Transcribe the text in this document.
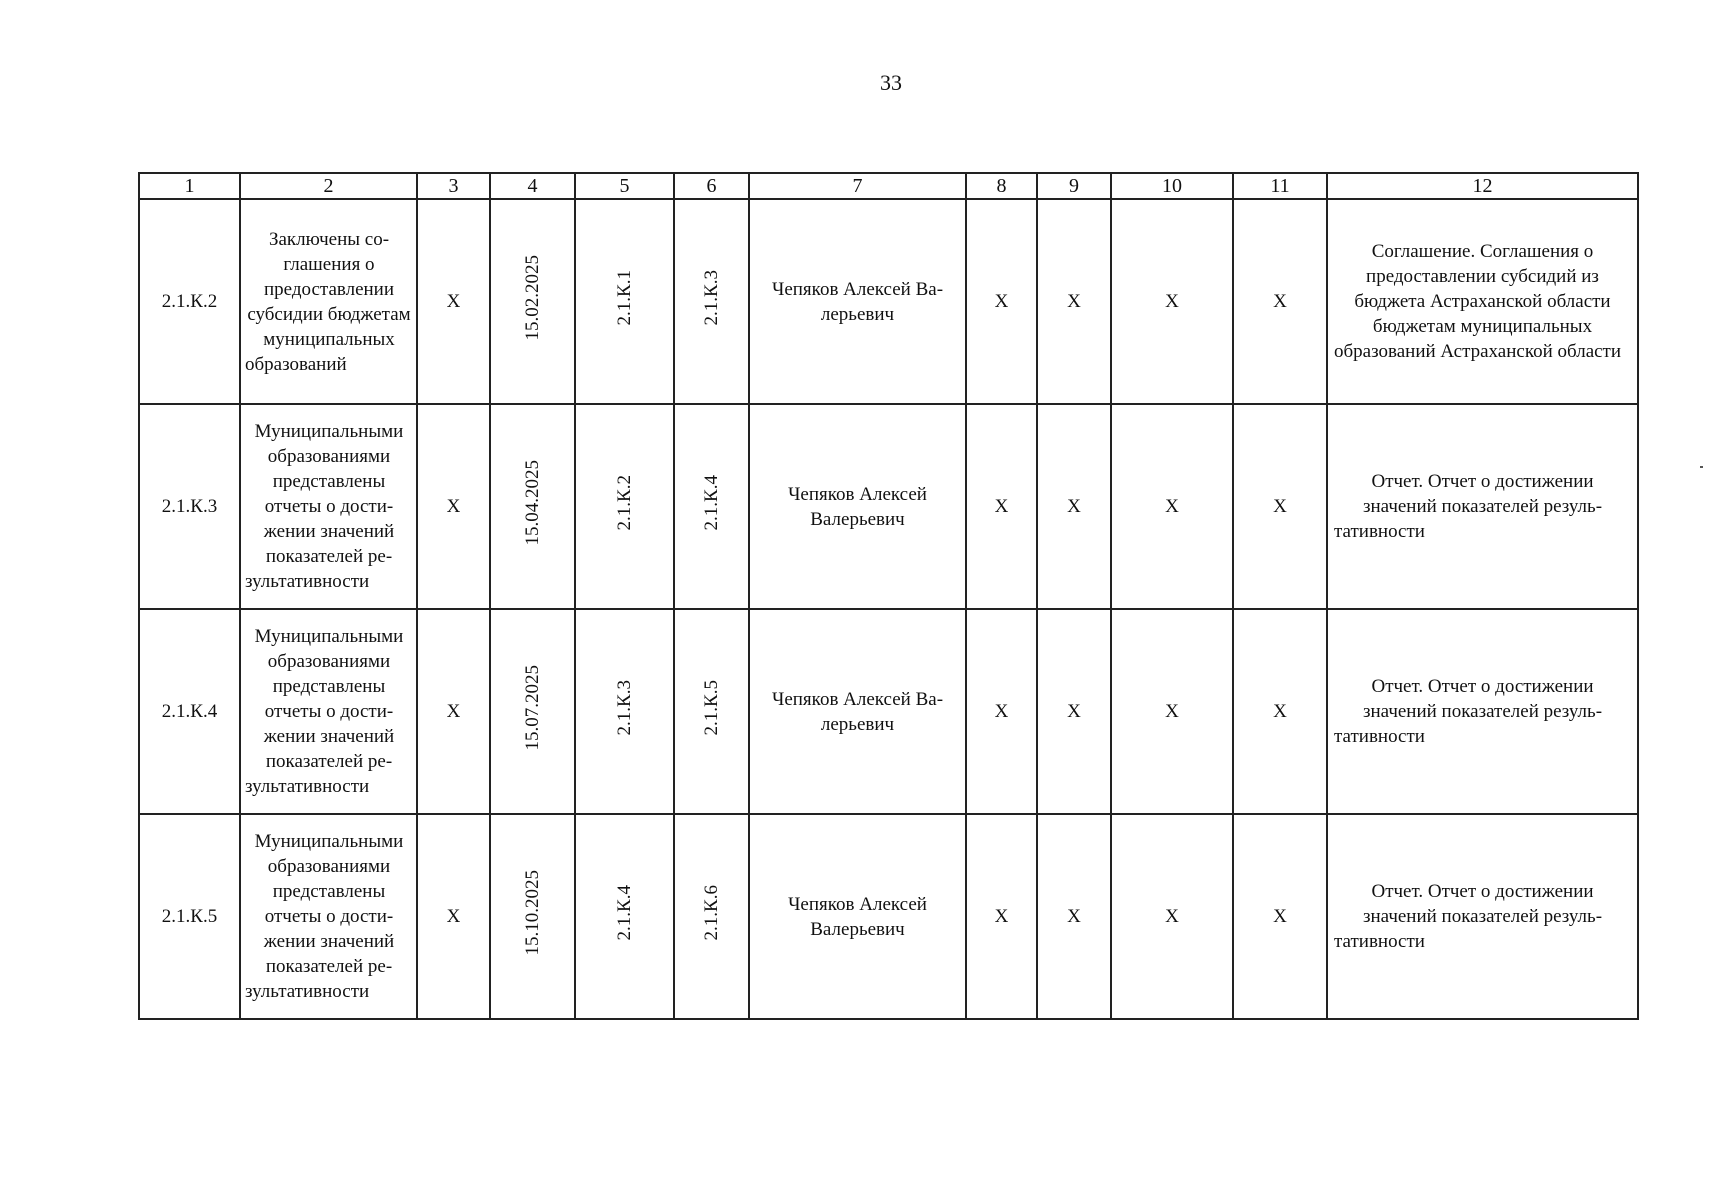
33
1	2	3	4	5	6	7	8	9	10	11	12
2.1.К.2	Заключены соглашения о предоставлении субсидии бюджетам муниципальных образований	X	15.02.2025	2.1.К.1	2.1.К.3	Чепяков Алексей Валерьевич	X	X	X	X	Соглашение. Соглашения о предоставлении субсидий из бюджета Астраханской области бюджетам муниципальных образований Астраханской области
2.1.К.3	Муниципальными образованиями представлены отчеты о достижении значений показателей результативности	X	15.04.2025	2.1.К.2	2.1.К.4	Чепяков Алексей Валерьевич	X	X	X	X	Отчет. Отчет о достижении значений показателей результативности
2.1.К.4	Муниципальными образованиями представлены отчеты о достижении значений показателей результативности	X	15.07.2025	2.1.К.3	2.1.К.5	Чепяков Алексей Валерьевич	X	X	X	X	Отчет. Отчет о достижении значений показателей результативности
2.1.К.5	Муниципальными образованиями представлены отчеты о достижении значений показателей результативности	X	15.10.2025	2.1.К.4	2.1.К.6	Чепяков Алексей Валерьевич	X	X	X	X	Отчет. Отчет о достижении значений показателей результативности
